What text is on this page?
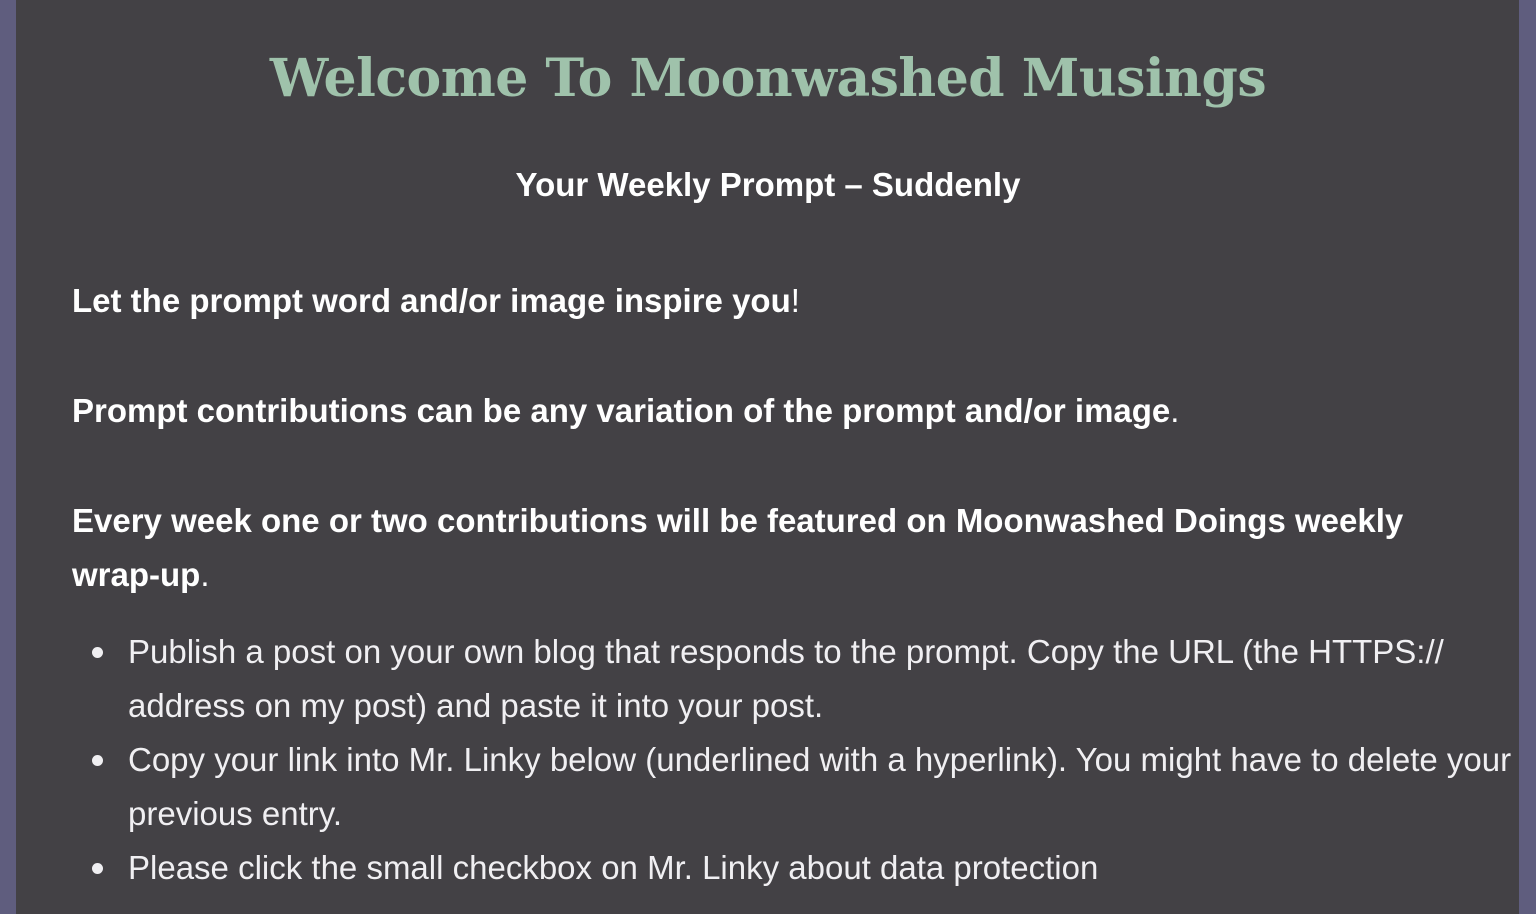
Welcome To Moonwashed Musings
Your Weekly Prompt – Suddenly

Let the prompt word and/or image inspire you!

Prompt contributions can be any variation of the prompt and/or image.

Every week one or two contributions will be featured on Moonwashed Doings weekly wrap-up.

Publish a post on your own blog that responds to the prompt. Copy the URL (the HTTPS:// address on my post) and paste it into your post.
Copy your link into Mr. Linky below (underlined with a hyperlink). You might have to delete your previous entry.
Please click the small checkbox on Mr. Linky about data protection
